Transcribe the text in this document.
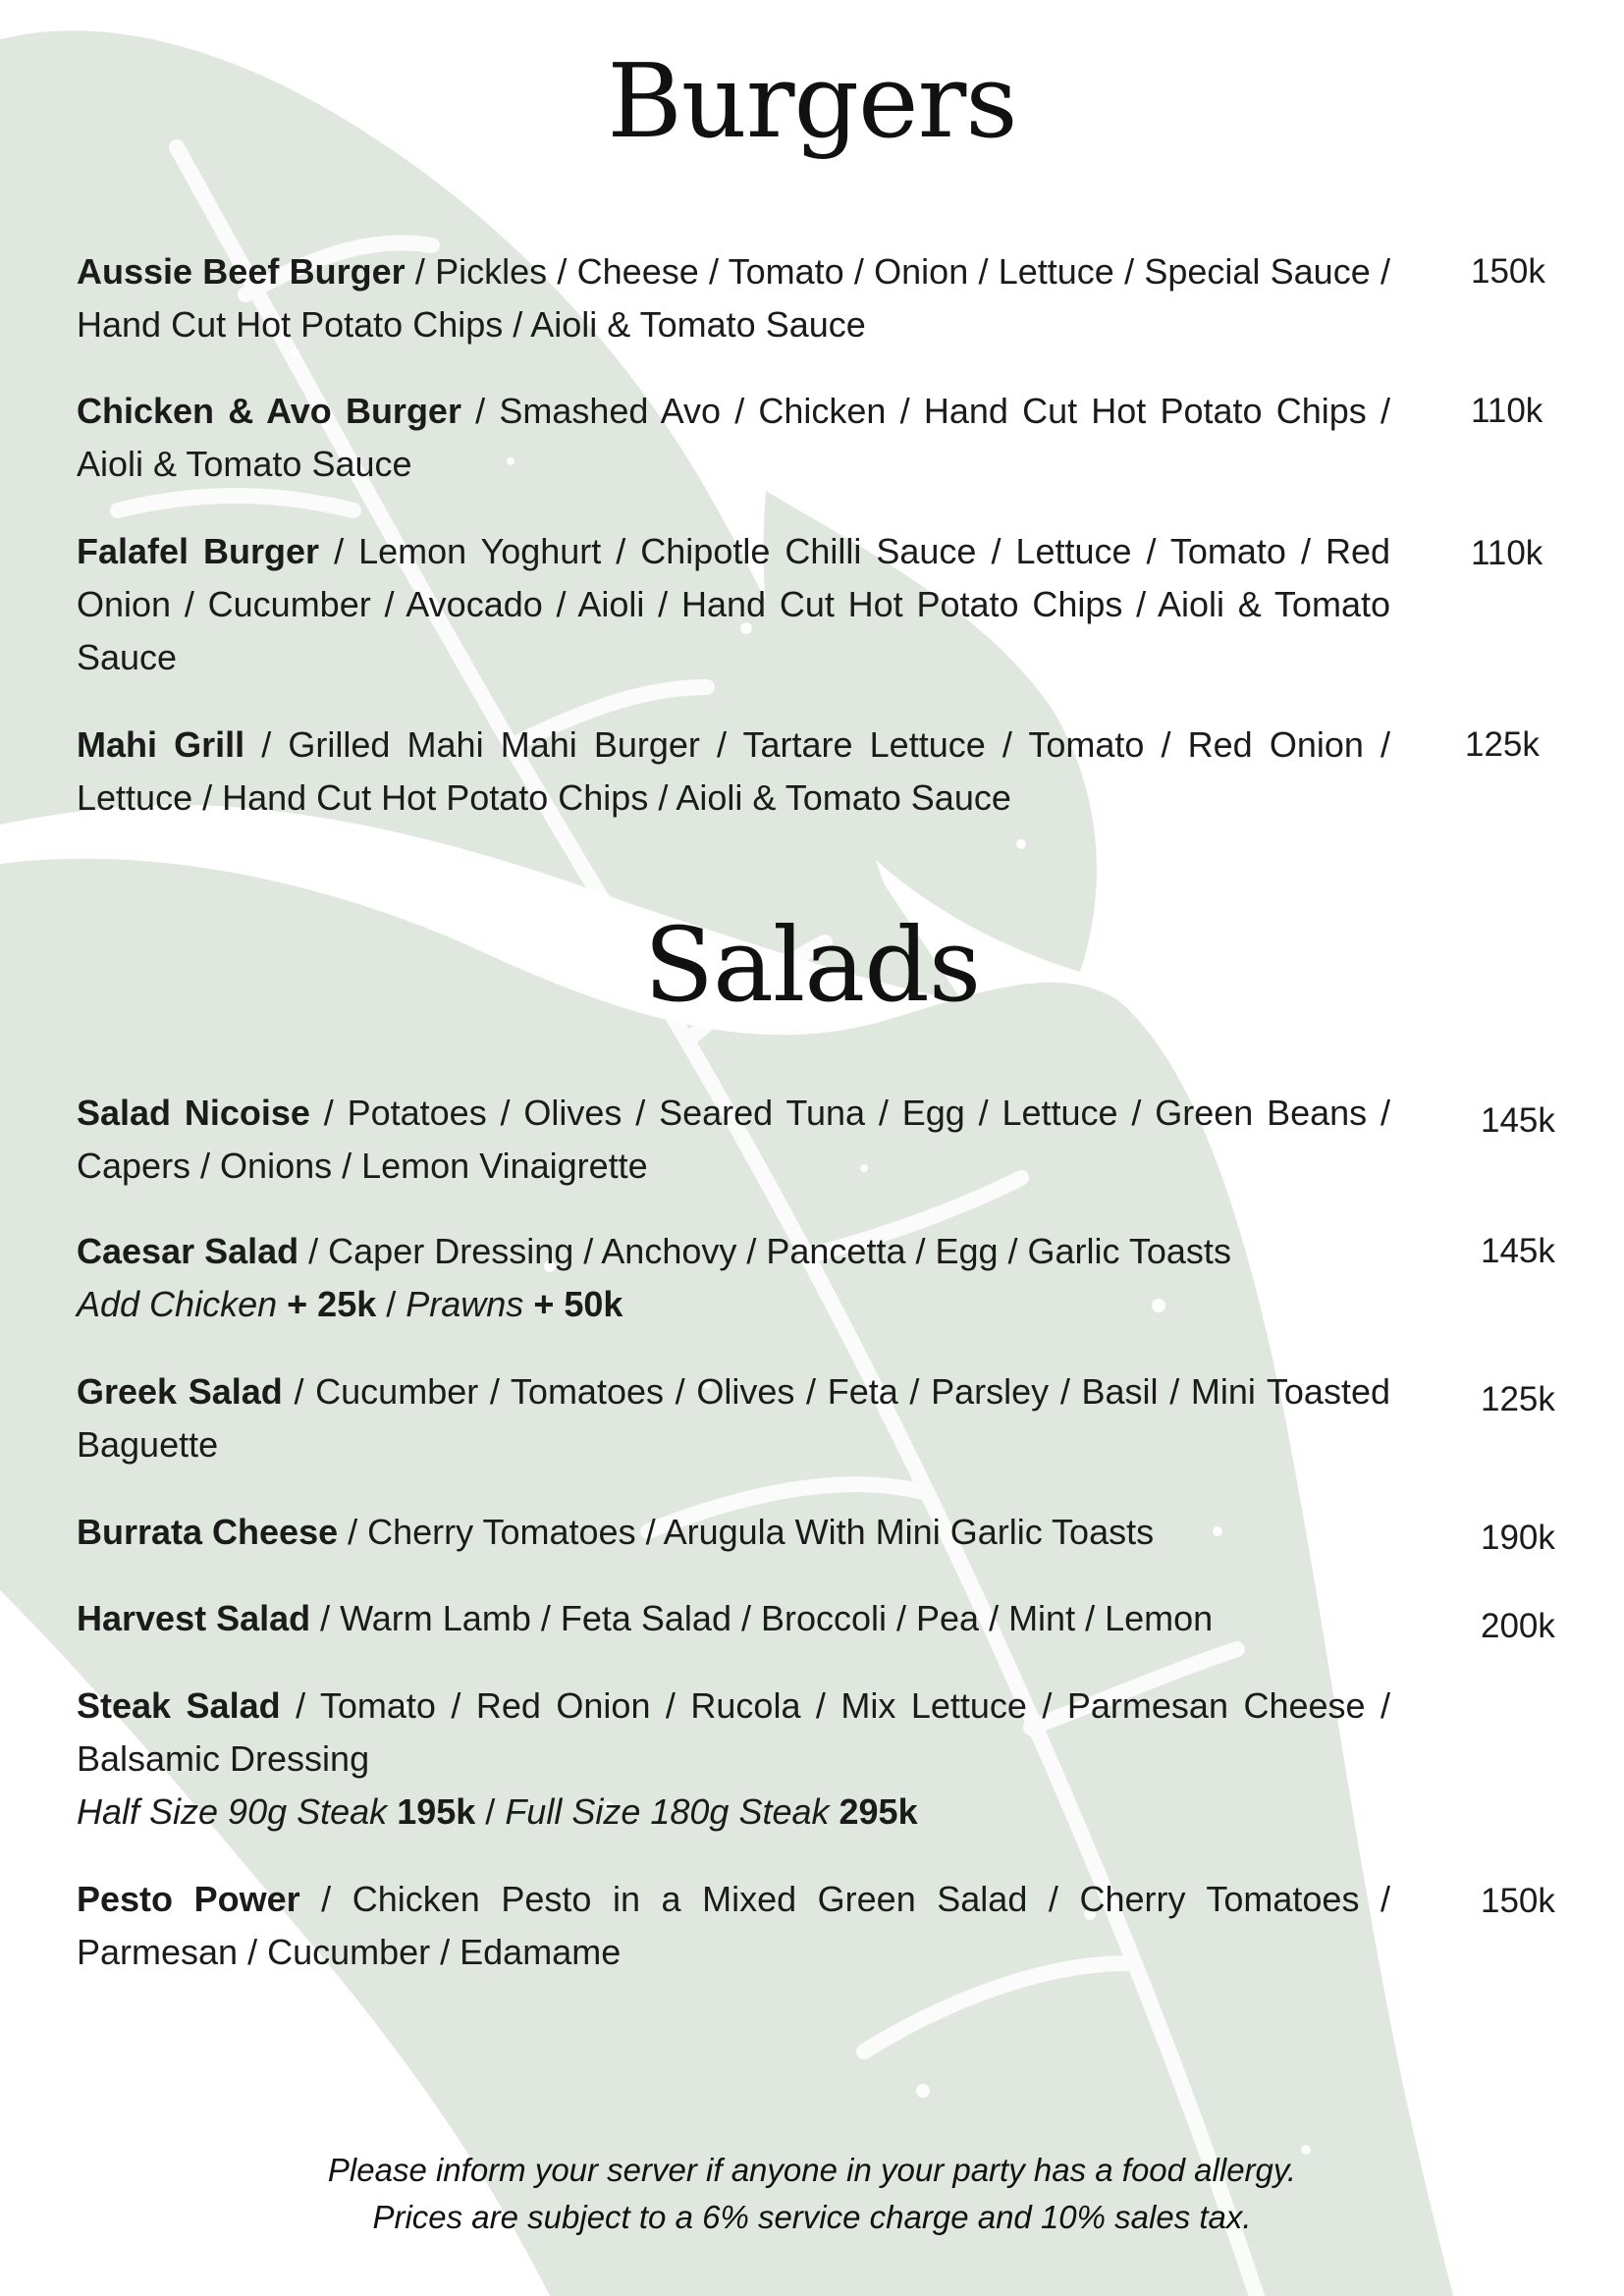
Burgers

Aussie Beef Burger / Pickles / Cheese / Tomato / Onion / Lettuce / Special Sauce / Hand Cut Hot Potato Chips / Aioli & Tomato Sauce

150k

Chicken & Avo Burger / Smashed Avo / Chicken / Hand Cut Hot Potato Chips / Aioli & Tomato Sauce

110k

Falafel Burger / Lemon Yoghurt / Chipotle Chilli Sauce / Lettuce / Tomato / Red Onion / Cucumber / Avocado / Aioli / Hand Cut Hot Potato Chips / Aioli & Tomato Sauce

110k

Mahi Grill / Grilled Mahi Mahi Burger / Tartare Lettuce / Tomato / Red Onion / Lettuce / Hand Cut Hot Potato Chips / Aioli & Tomato Sauce

125k
Salads

Salad Nicoise / Potatoes / Olives / Seared Tuna / Egg / Lettuce / Green Beans / Capers / Onions / Lemon Vinaigrette

145k

Caesar Salad / Caper Dressing / Anchovy / Pancetta / Egg / Garlic Toasts

Add Chicken + 25k / Prawns + 50k

145k

Greek Salad / Cucumber / Tomatoes / Olives / Feta / Parsley / Basil / Mini Toasted Baguette

125k

Burrata Cheese / Cherry Tomatoes / Arugula With Mini Garlic Toasts	190k

Harvest Salad / Warm Lamb / Feta Salad / Broccoli / Pea / Mint / Lemon	200k

Steak Salad / Tomato / Red Onion / Rucola / Mix Lettuce / Parmesan Cheese / Balsamic Dressing

Half Size 90g Steak 195k / Full Size 180g Steak 295k

Pesto Power / Chicken Pesto in a Mixed Green Salad / Cherry Tomatoes / Parmesan / Cucumber / Edamame

150k
Please inform your server if anyone in your party has a food allergy.
Prices are subject to a 6% service charge and 10% sales tax.
